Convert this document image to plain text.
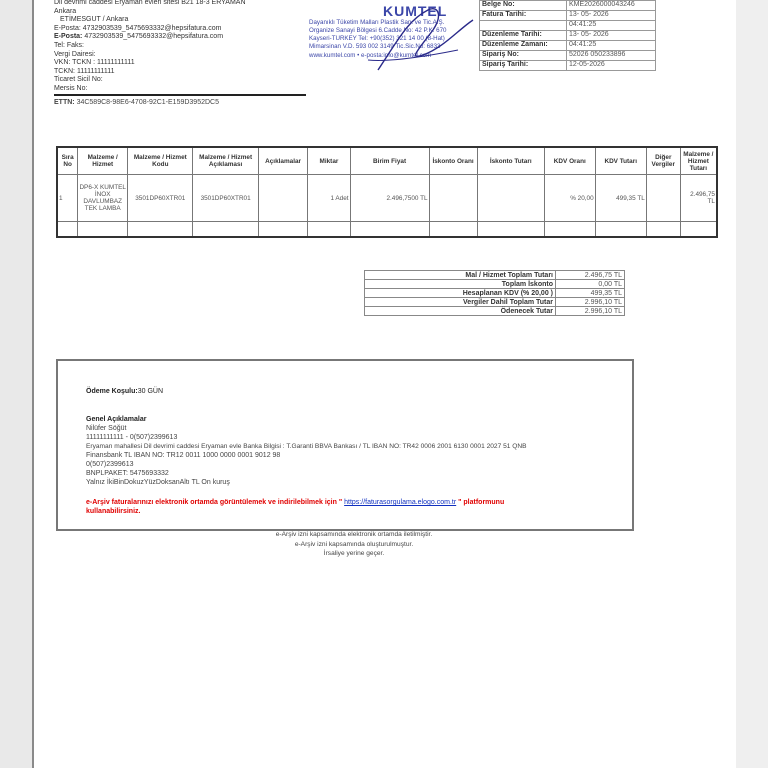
Dil devrimi caddesi Eryaman evleri sitesi B21 18-3 ERYAMAN
Ankara
ETİMESGUT / Ankara
E-Posta: 4732903539_5475693332@hepsifatura.com
E-Posta: 4732903539_5475693332@hepsifatura.com
Tel: Faks:
Vergi Dairesi:
VKN: TCKN : 11111111111
TCKN: 11111111111
Ticaret Sicil No:
Mersis No:
ETTN: 34C589C8-98E6-4708-92C1-E159D3952DC5
KUMTEL
Dayanıklı Tüketim Malları Plastik San. ve Tic.A.Ş.
Organize Sanayi Bölgesi 6.Cadde No: 42 P.K. 670
Kayseri-TURKEY Tel: +90(352) 321 14 00 (8-Hat)
Mimarsinan V.D. 593 002 3149 Tic.Sic.No: 6833
www.kumtel.com • e-posta:info@kumtel.com
Belge No:	KME2026000043246
Fatura Tarihi:	13- 05- 2026
	04:41:25
Düzenleme Tarihi:	13- 05- 2026
Düzenleme Zamanı:	04:41:25
Sipariş No:	52026 050233896
Sipariş Tarihi:	12-05-2026
Sıra No	Malzeme / Hizmet	Malzeme / Hizmet Kodu	Malzeme / Hizmet Açıklaması	Açıklamalar	Miktar	Birim Fiyat	İskonto Oranı	İskonto Tutarı	KDV Oranı	KDV Tutarı	Diğer Vergiler	Malzeme / Hizmet Tutarı
1	DP6-X KUMTEL İNOX DAVLUMBAZ TEK LAMBA	3501DP60XTR01	3501DP60XTR01		1 Adet	2.496,7500 TL			% 20,00	499,35 TL		2.496,75 TL

Mal / Hizmet Toplam Tutarı	2.496,75 TL
Toplam İskonto	0,00 TL
Hesaplanan KDV (% 20,00 )	499,35 TL
Vergiler Dahil Toplam Tutar	2.996,10 TL
Ödenecek Tutar	2.996,10 TL
Ödeme Koşulu:30 GÜN
Genel Açıklamalar
Nilüfer Söğüt
11111111111 - 0(507)2399613
Eryaman mahallesi Dil devrimi caddesi Eryaman evle Banka Bilgisi : T.Garanti BBVA Bankası / TL IBAN NO: TR42 0006 2001 6130 0001 2027 51 QNB
Finansbank TL IBAN NO: TR12 0011 1000 0000 0001 9012 98
0(507)2399613
BNPLPAKET: 5475693332
Yalnız İkiBinDokuzYüzDoksanAltı TL On kuruş
e-Arşiv faturalarınızı elektronik ortamda görüntülemek ve indirilebilmek için " https://faturasorgulama.elogo.com.tr " platformunu
kullanabilirsiniz.
e-Arşiv izni kapsamında elektronik ortamda iletilmiştir.
e-Arşiv izni kapsamında oluşturulmuştur.
İrsaliye yerine geçer.
